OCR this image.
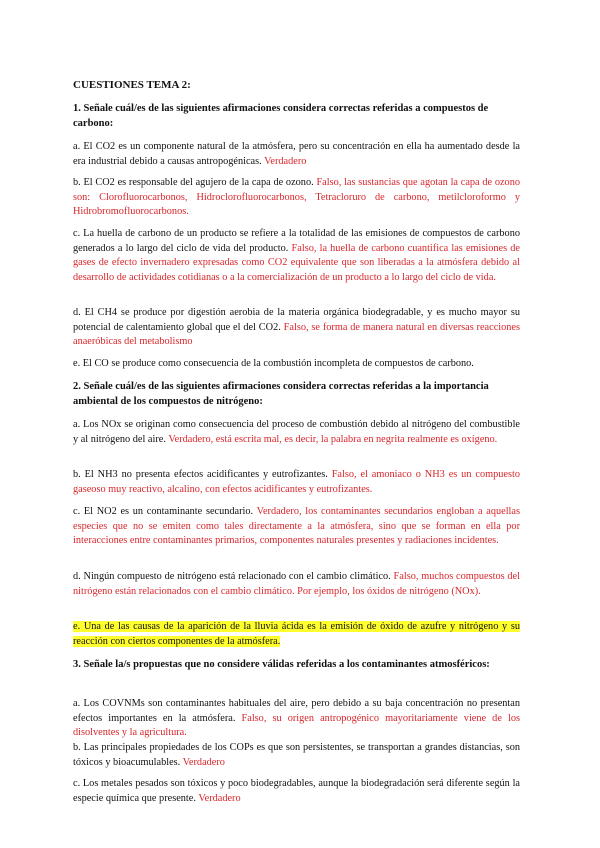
CUESTIONES TEMA 2:
1. Señale cuál/es de las siguientes afirmaciones considera correctas referidas a compuestos de carbono:
a. El CO2 es un componente natural de la atmósfera, pero su concentración en ella ha aumentado desde la era industrial debido a causas antropogénicas. Verdadero
b. El CO2 es responsable del agujero de la capa de ozono. Falso, las sustancias que agotan la capa de ozono son: Clorofluorocarbonos, Hidroclorofluorocarbonos, Tetracloruro de carbono, metilcloroformo y Hidrobromofluorocarbonos.
c. La huella de carbono de un producto se refiere a la totalidad de las emisiones de compuestos de carbono generados a lo largo del ciclo de vida del producto. Falso, la huella de carbono cuantifica las emisiones de gases de efecto invernadero expresadas como CO2 equivalente que son liberadas a la atmósfera debido al desarrollo de actividades cotidianas o a la comercialización de un producto a lo largo del ciclo de vida.
d. El CH4 se produce por digestión aerobia de la materia orgánica biodegradable, y es mucho mayor su potencial de calentamiento global que el del CO2. Falso, se forma de manera natural en diversas reacciones anaeróbicas del metabolismo
e. El CO se produce como consecuencia de la combustión incompleta de compuestos de carbono.
2. Señale cuál/es de las siguientes afirmaciones considera correctas referidas a la importancia ambiental de los compuestos de nitrógeno:
a. Los NOx se originan como consecuencia del proceso de combustión debido al nitrógeno del combustible y al nitrógeno del aire. Verdadero, está escrita mal, es decir, la palabra en negrita realmente es oxígeno.
b. El NH3 no presenta efectos acidificantes y eutrofizantes. Falso, el amoniaco o NH3 es un compuesto gaseoso muy reactivo, alcalino, con efectos acidificantes y eutrofizantes.
c. El NO2 es un contaminante secundario. Verdadero, los contaminantes secundarios engloban a aquellas especies que no se emiten como tales directamente a la atmósfera, sino que se forman en ella por interacciones entre contaminantes primarios, componentes naturales presentes y radiaciones incidentes.
d. Ningún compuesto de nitrógeno está relacionado con el cambio climático. Falso, muchos compuestos del nitrógeno están relacionados con el cambio climático. Por ejemplo, los óxidos de nitrógeno (NOx).
e. Una de las causas de la aparición de la lluvia ácida es la emisión de óxido de azufre y nitrógeno y su reacción con ciertos componentes de la atmósfera.
3. Señale la/s propuestas que no considere válidas referidas a los contaminantes atmosféricos:
a. Los COVNMs son contaminantes habituales del aire, pero debido a su baja concentración no presentan efectos importantes en la atmósfera. Falso, su origen antropogénico mayoritariamente viene de los disolventes y la agricultura.
b. Las principales propiedades de los COPs es que son persistentes, se transportan a grandes distancias, son tóxicos y bioacumulables. Verdadero
c. Los metales pesados son tóxicos y poco biodegradables, aunque la biodegradación será diferente según la especie química que presente. Verdadero
